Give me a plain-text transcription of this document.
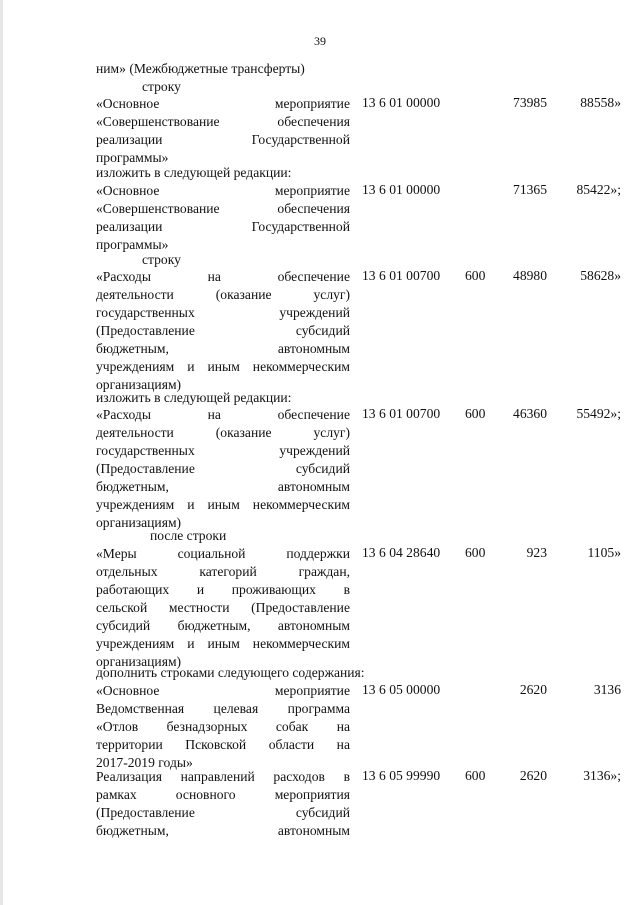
39
ним» (Межбюджетные трансферты)
строку
«Основное мероприятие
«Совершенствование обеспечения
реализации Государственной
программы»
13 6 01 00000	73985	88558»
изложить в следующей редакции:
«Основное мероприятие
«Совершенствование обеспечения
реализации Государственной
программы»
13 6 01 00000	71365	85422»;
строку
«Расходы на обеспечение
деятельности (оказание услуг)
государственных учреждений
(Предоставление субсидий
бюджетным, автономным
учреждениям и иным некоммерческим
организациям)
13 6 01 00700 600	48980	58628»
изложить в следующей редакции:
«Расходы на обеспечение
деятельности (оказание услуг)
государственных учреждений
(Предоставление субсидий
бюджетным, автономным
учреждениям и иным некоммерческим
организациям)
13 6 01 00700 600	46360	55492»;
после строки
«Меры социальной поддержки
отдельных категорий граждан,
работающих и проживающих в
сельской местности (Предоставление
субсидий бюджетным, автономным
учреждениям и иным некоммерческим
организациям)
13 6 04 28640 600	923	1105»
дополнить строками следующего содержания:
«Основное мероприятие
Ведомственная целевая программа
«Отлов безнадзорных собак на
территории Псковской области на
2017-2019 годы»
13 6 05 00000	2620	3136
Реализация направлений расходов в
рамках основного мероприятия
(Предоставление субсидий
бюджетным, автономным
13 6 05 99990 600	2620	3136»;
